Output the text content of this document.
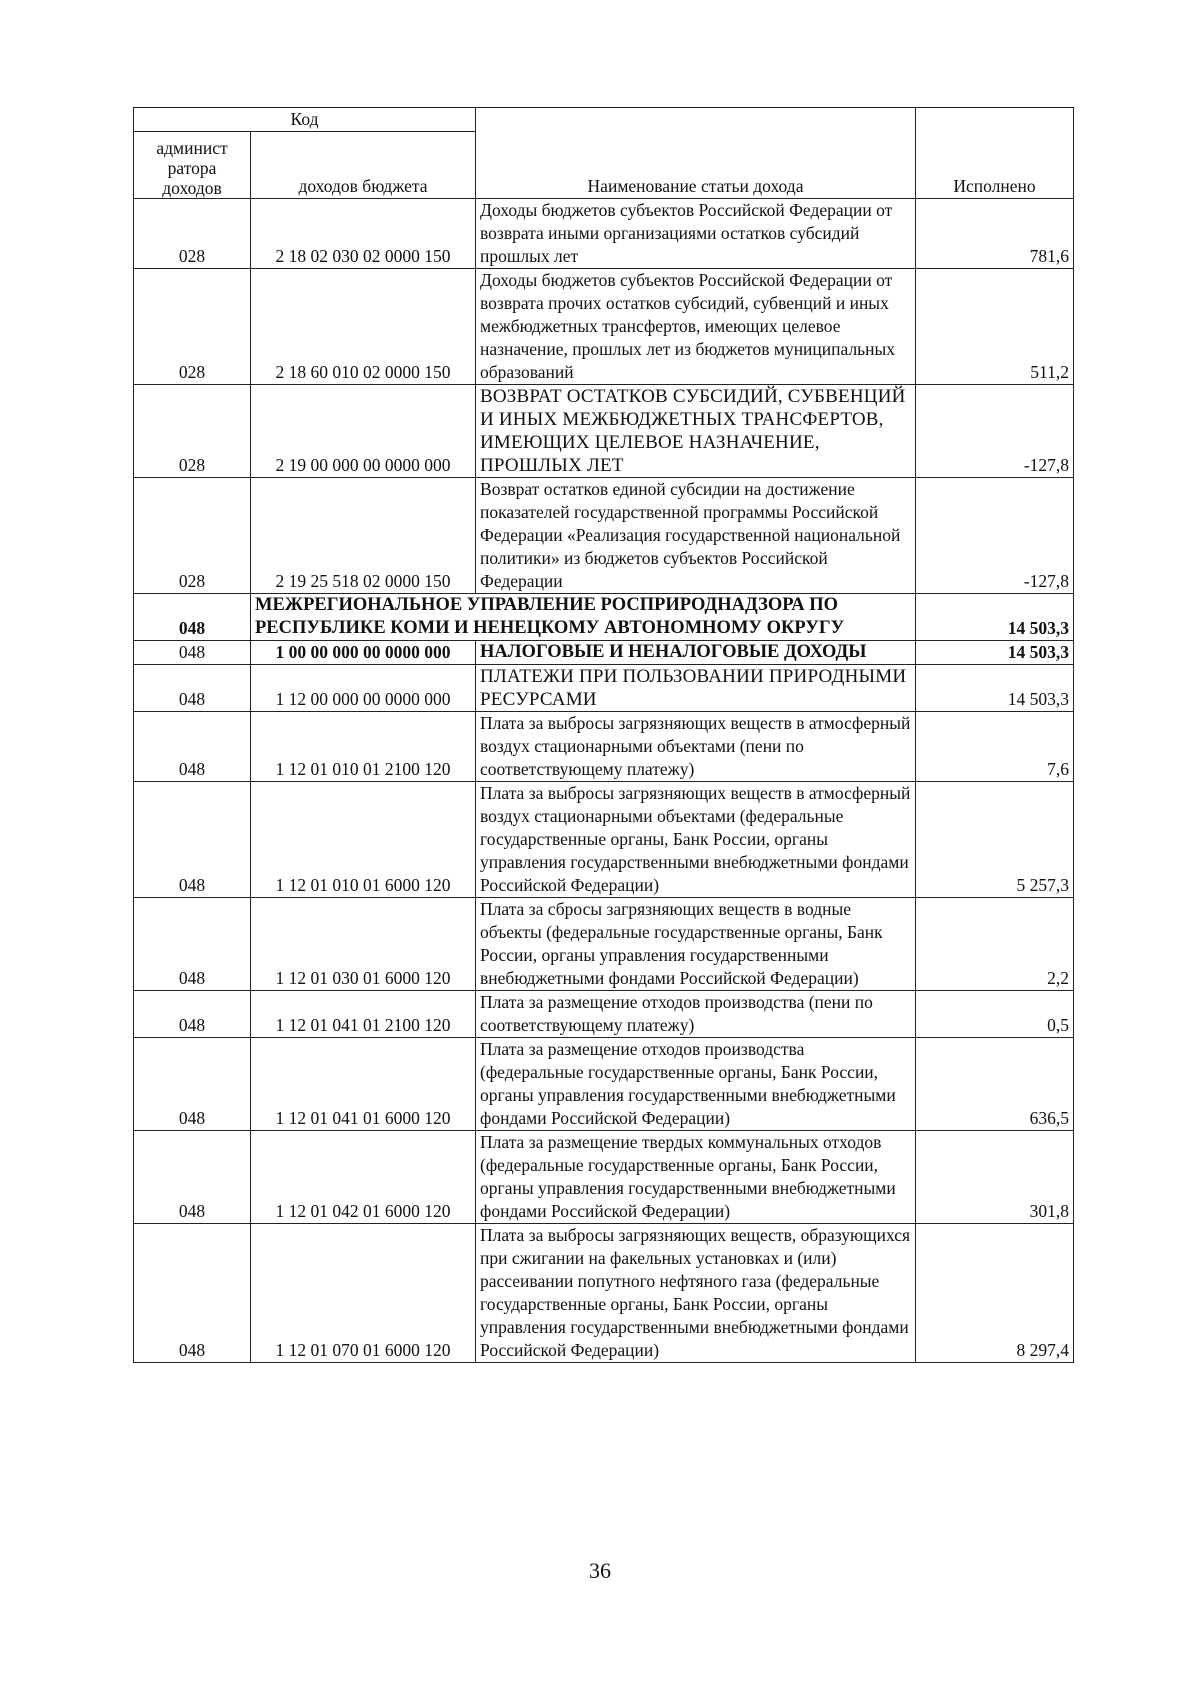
Код		Наименование статьи дохода	Исполнено
админист
ратора
доходов	доходов бюджета		
028	2 18 02 030 02 0000 150	Доходы бюджетов субъектов Российской Федерации от возврата иными организациями остатков субсидий прошлых лет	781,6
028	2 18 60 010 02 0000 150	Доходы бюджетов субъектов Российской Федерации от возврата прочих остатков субсидий, субвенций и иных межбюджетных трансфертов, имеющих целевое назначение, прошлых лет из бюджетов муниципальных образований	511,2
028	2 19 00 000 00 0000 000	ВОЗВРАТ ОСТАТКОВ СУБСИДИЙ, СУБВЕНЦИЙ И ИНЫХ МЕЖБЮДЖЕТНЫХ ТРАНСФЕРТОВ, ИМЕЮЩИХ ЦЕЛЕВОЕ НАЗНАЧЕНИЕ, ПРОШЛЫХ ЛЕТ	-127,8
028	2 19 25 518 02 0000 150	Возврат остатков единой субсидии на достижение показателей государственной программы Российской Федерации «Реализация государственной национальной политики» из бюджетов субъектов Российской Федерации	-127,8
048	МЕЖРЕГИОНАЛЬНОЕ УПРАВЛЕНИЕ РОСПРИРОДНАДЗОРА ПО РЕСПУБЛИКЕ КОМИ И НЕНЕЦКОМУ АВТОНОМНОМУ ОКРУГУ		14 503,3
048	1 00 00 000 00 0000 000	НАЛОГОВЫЕ И НЕНАЛОГОВЫЕ ДОХОДЫ	14 503,3
048	1 12 00 000 00 0000 000	ПЛАТЕЖИ ПРИ ПОЛЬЗОВАНИИ ПРИРОДНЫМИ РЕСУРСАМИ	14 503,3
048	1 12 01 010 01 2100 120	Плата за выбросы загрязняющих веществ в атмосферный воздух стационарными объектами (пени по соответствующему платежу)	7,6
048	1 12 01 010 01 6000 120	Плата за выбросы загрязняющих веществ в атмосферный воздух стационарными объектами (федеральные государственные органы, Банк России, органы управления государственными внебюджетными фондами Российской Федерации)	5 257,3
048	1 12 01 030 01 6000 120	Плата за сбросы загрязняющих веществ в водные объекты (федеральные государственные органы, Банк России, органы управления государственными внебюджетными фондами Российской Федерации)	2,2
048	1 12 01 041 01 2100 120	Плата за размещение отходов производства (пени по соответствующему платежу)	0,5
048	1 12 01 041 01 6000 120	Плата за размещение отходов производства (федеральные государственные органы, Банк России, органы управления государственными внебюджетными фондами Российской Федерации)	636,5
048	1 12 01 042 01 6000 120	Плата за размещение твердых коммунальных отходов (федеральные государственные органы, Банк России, органы управления государственными внебюджетными фондами Российской Федерации)	301,8
048	1 12 01 070 01 6000 120	Плата за выбросы загрязняющих веществ, образующихся при сжигании на факельных установках и (или) рассеивании попутного нефтяного газа (федеральные государственные органы, Банк России, органы управления государственными внебюджетными фондами Российской Федерации)	8 297,4
36
